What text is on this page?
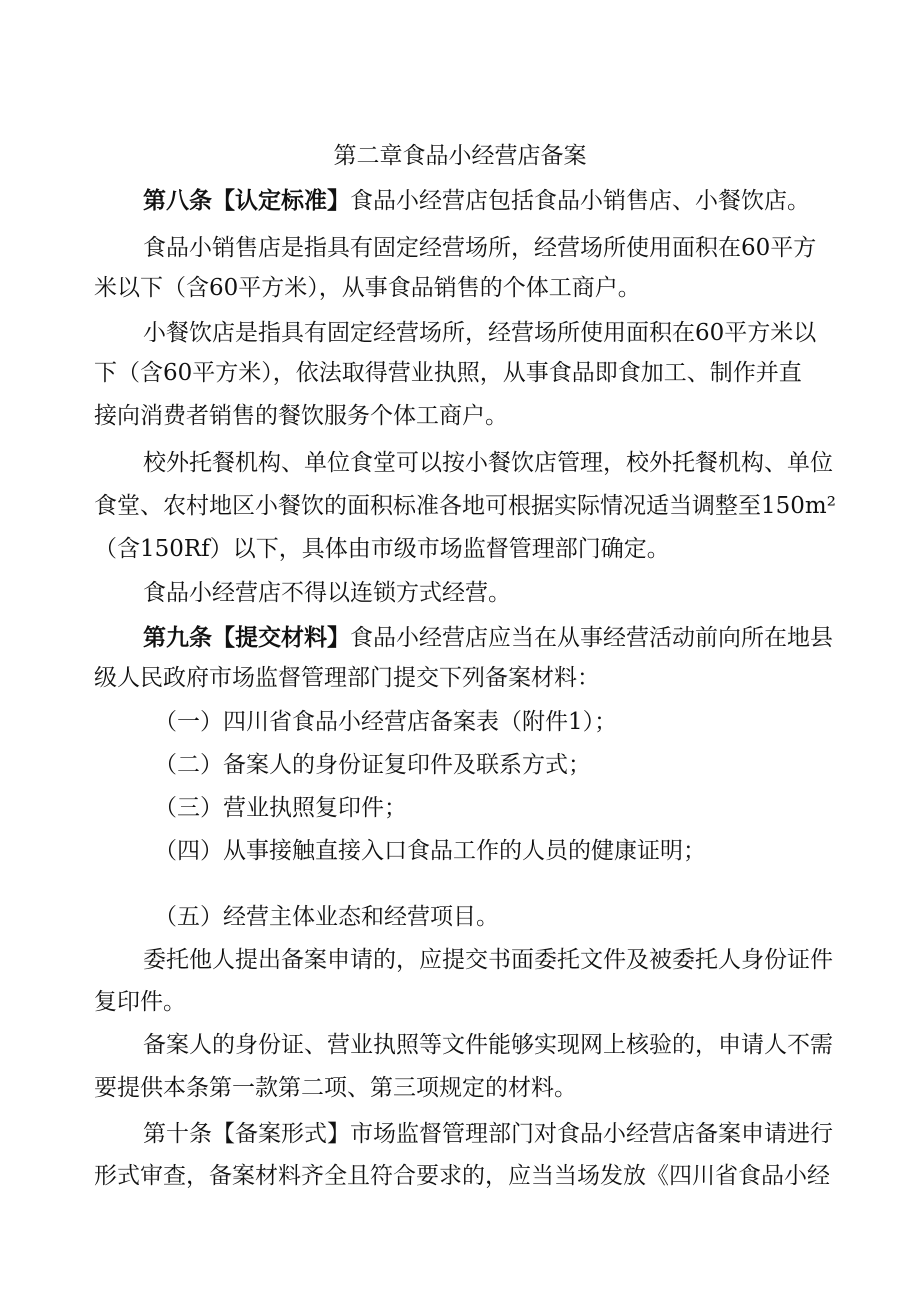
第二章食品小经营店备案
第八条【认定标准】食品小经营店包括食品小销售店、小餐饮店。
食品小销售店是指具有固定经营场所，经营场所使用面积在60平方
米以下（含60平方米），从事食品销售的个体工商户。
小餐饮店是指具有固定经营场所，经营场所使用面积在60平方米以
下（含60平方米），依法取得营业执照，从事食品即食加工、制作并直
接向消费者销售的餐饮服务个体工商户。
校外托餐机构、单位食堂可以按小餐饮店管理，校外托餐机构、单位
食堂、农村地区小餐饮的面积标准各地可根据实际情况适当调整至150m²
（含150Rf）以下，具体由市级市场监督管理部门确定。
食品小经营店不得以连锁方式经营。
第九条【提交材料】食品小经营店应当在从事经营活动前向所在地县
级人民政府市场监督管理部门提交下列备案材料：
（一）四川省食品小经营店备案表（附件1）；
（二）备案人的身份证复印件及联系方式；
（三）营业执照复印件；
（四）从事接触直接入口食品工作的人员的健康证明；
（五）经营主体业态和经营项目。
委托他人提出备案申请的，应提交书面委托文件及被委托人身份证件
复印件。
备案人的身份证、营业执照等文件能够实现网上核验的，申请人不需
要提供本条第一款第二项、第三项规定的材料。
第十条【备案形式】市场监督管理部门对食品小经营店备案申请进行
形式审查，备案材料齐全且符合要求的，应当当场发放《四川省食品小经
